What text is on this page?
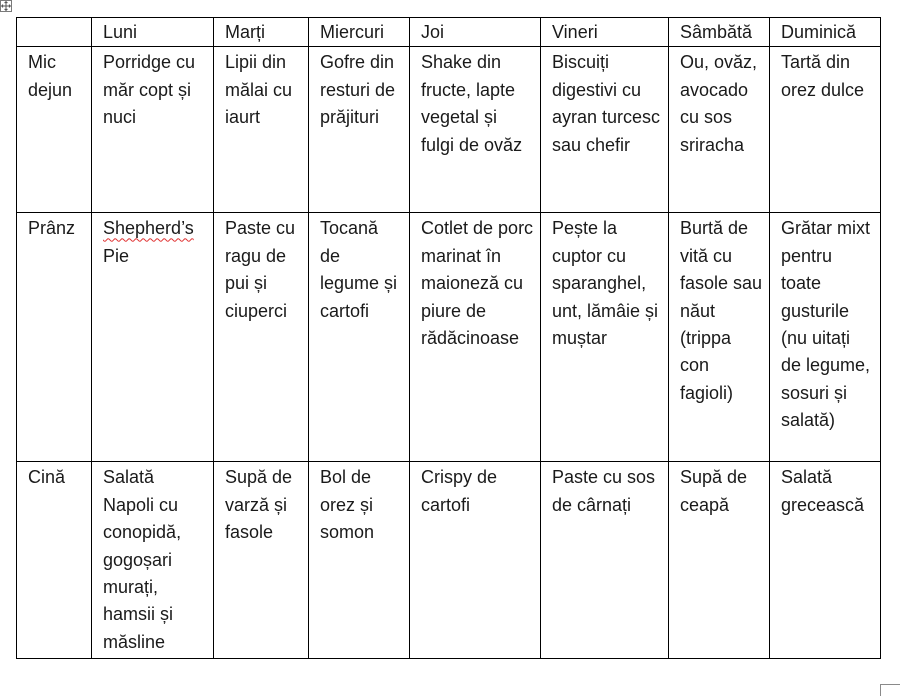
	Luni	Marți	Miercuri	Joi	Vineri	Sâmbătă	Duminică
Mic dejun	Porridge cu măr copt și nuci	Lipii din mălai cu iaurt	Gofre din resturi de prăjituri	Shake din fructe, lapte vegetal și fulgi de ovăz	Biscuiți digestivi cu ayran turcesc sau chefir	Ou, ovăz, avocado cu sos sriracha	Tartă din orez dulce
Prânz	Shepherd’s Pie	Paste cu ragu de pui și ciuperci	Tocană de legume și cartofi	Cotlet de porc marinat în maioneză cu piure de rădăcinoase	Pește la cuptor cu sparanghel, unt, lămâie și muștar	Burtă de vită cu fasole sau năut (trippa con fagioli)	Grătar mixt pentru toate gusturile (nu uitați de legume, sosuri și salată)
Cină	Salată Napoli cu conopidă, gogoșari murați, hamsii și măsline	Supă de varză și fasole	Bol de orez și somon	Crispy de cartofi	Paste cu sos de cârnați	Supă de ceapă	Salată grecească
